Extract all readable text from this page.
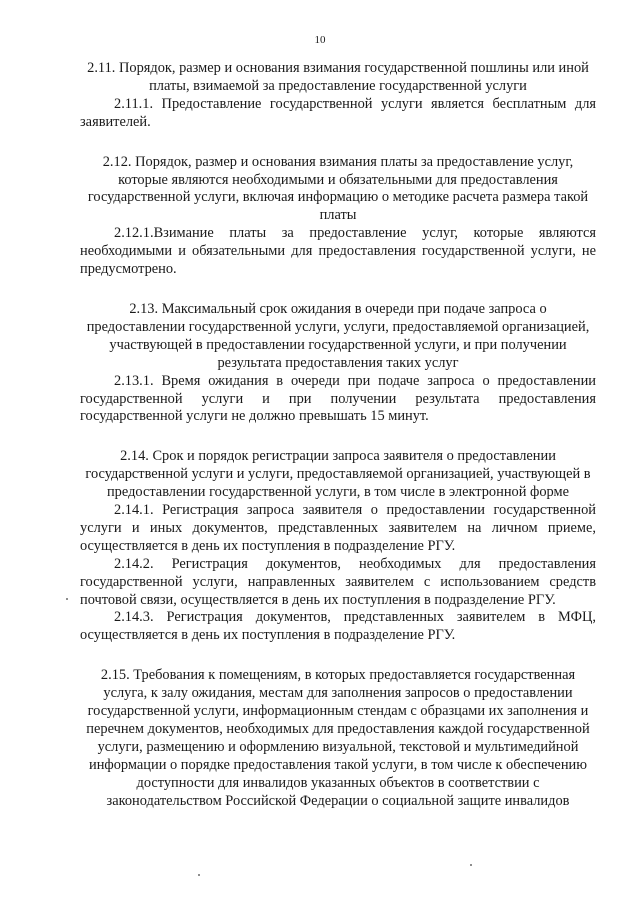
10

2.11. Порядок, размер и основания взимания государственной пошлины или иной платы, взимаемой за предоставление государственной услуги

2.11.1. Предоставление государственной услуги является бесплатным для заявителей.

2.12. Порядок, размер и основания взимания платы за предоставление услуг, которые являются необходимыми и обязательными для предоставления государственной услуги, включая информацию о методике расчета размера такой платы

2.12.1.Взимание платы за предоставление услуг, которые являются необходимыми и обязательными для предоставления государственной услуги, не предусмотрено.

2.13. Максимальный срок ожидания в очереди при подаче запроса о предоставлении государственной услуги, услуги, предоставляемой организацией, участвующей в предоставлении государственной услуги, и при получении результата предоставления таких услуг

2.13.1. Время ожидания в очереди при подаче запроса о предоставлении государственной услуги и при получении результата предоставления государственной услуги не должно превышать 15 минут.

2.14. Срок и порядок регистрации запроса заявителя о предоставлении государственной услуги и услуги, предоставляемой организацией, участвующей в предоставлении государственной услуги, в том числе в электронной форме

2.14.1. Регистрация запроса заявителя о предоставлении государственной услуги и иных документов, представленных заявителем на личном приеме, осуществляется в день их поступления в подразделение РГУ.

2.14.2. Регистрация документов, необходимых для предоставления государственной услуги, направленных заявителем с использованием средств почтовой связи, осуществляется в день их поступления в подразделение РГУ.

2.14.3. Регистрация документов, представленных заявителем в МФЦ, осуществляется в день их поступления в подразделение РГУ.

2.15. Требования к помещениям, в которых предоставляется государственная услуга, к залу ожидания, местам для заполнения запросов о предоставлении государственной услуги, информационным стендам с образцами их заполнения и перечнем документов, необходимых для предоставления каждой государственной услуги, размещению и оформлению визуальной, текстовой и мультимедийной информации о порядке предоставления такой услуги, в том числе к обеспечению доступности для инвалидов указанных объектов в соответствии с законодательством Российской Федерации о социальной защите инвалидов
